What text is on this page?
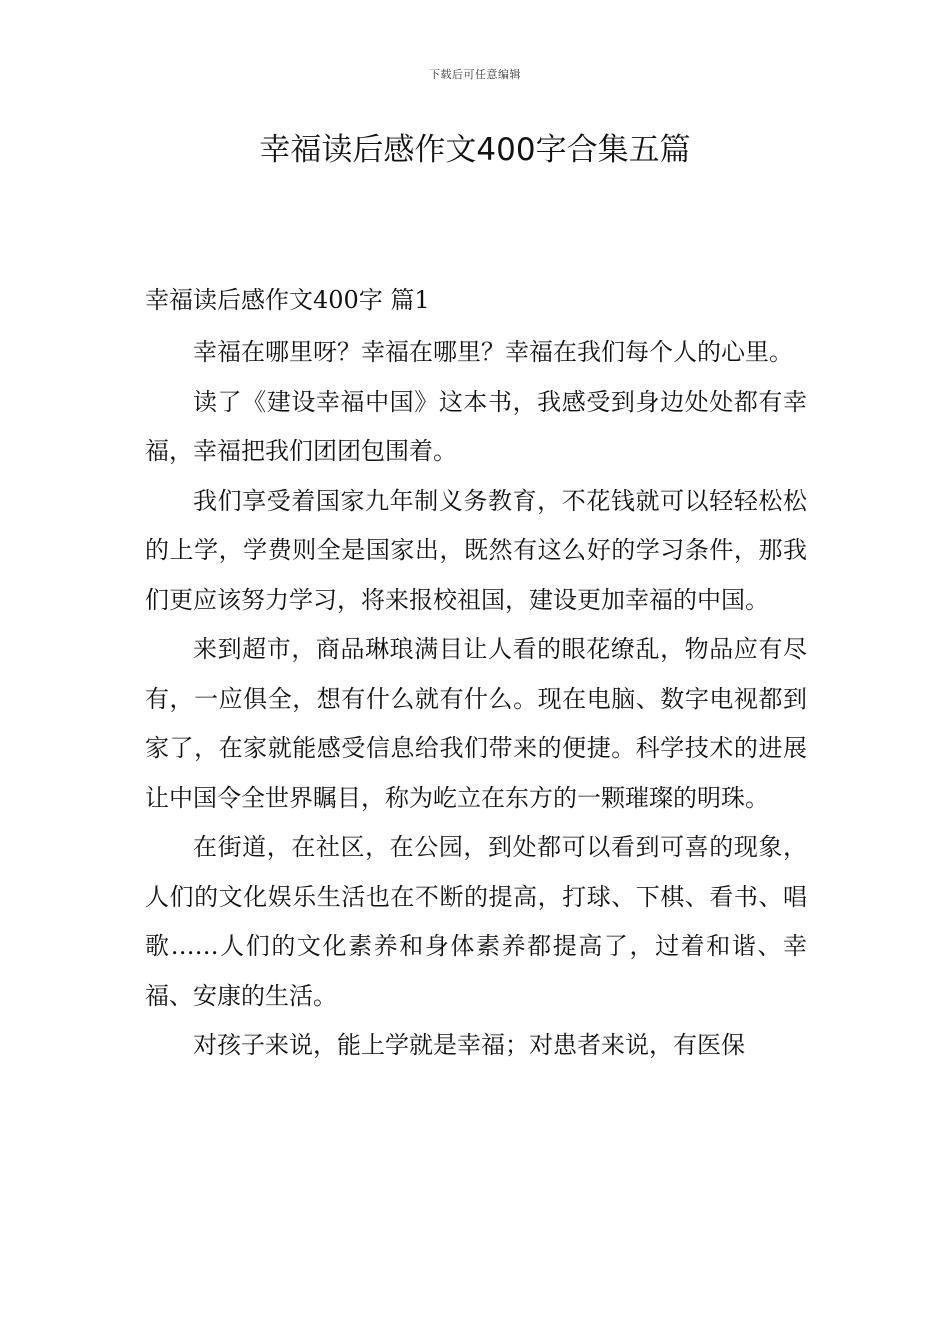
下载后可任意编辑
幸福读后感作文400字合集五篇
幸福读后感作文400字 篇1

幸福在哪里呀？幸福在哪里？幸福在我们每个人的心里。

读了《建设幸福中国》这本书，我感受到身边处处都有幸福，幸福把我们团团包围着。

我们享受着国家九年制义务教育，不花钱就可以轻轻松松的上学，学费则全是国家出，既然有这么好的学习条件，那我们更应该努力学习，将来报校祖国，建设更加幸福的中国。

来到超市，商品琳琅满目让人看的眼花缭乱，物品应有尽有，一应俱全，想有什么就有什么。现在电脑、数字电视都到家了，在家就能感受信息给我们带来的便捷。科学技术的进展让中国令全世界瞩目，称为屹立在东方的一颗璀璨的明珠。

在街道，在社区，在公园，到处都可以看到可喜的现象，人们的文化娱乐生活也在不断的提高，打球、下棋、看书、唱歌……人们的文化素养和身体素养都提高了，过着和谐、幸福、安康的生活。

对孩子来说，能上学就是幸福；对患者来说，有医保
